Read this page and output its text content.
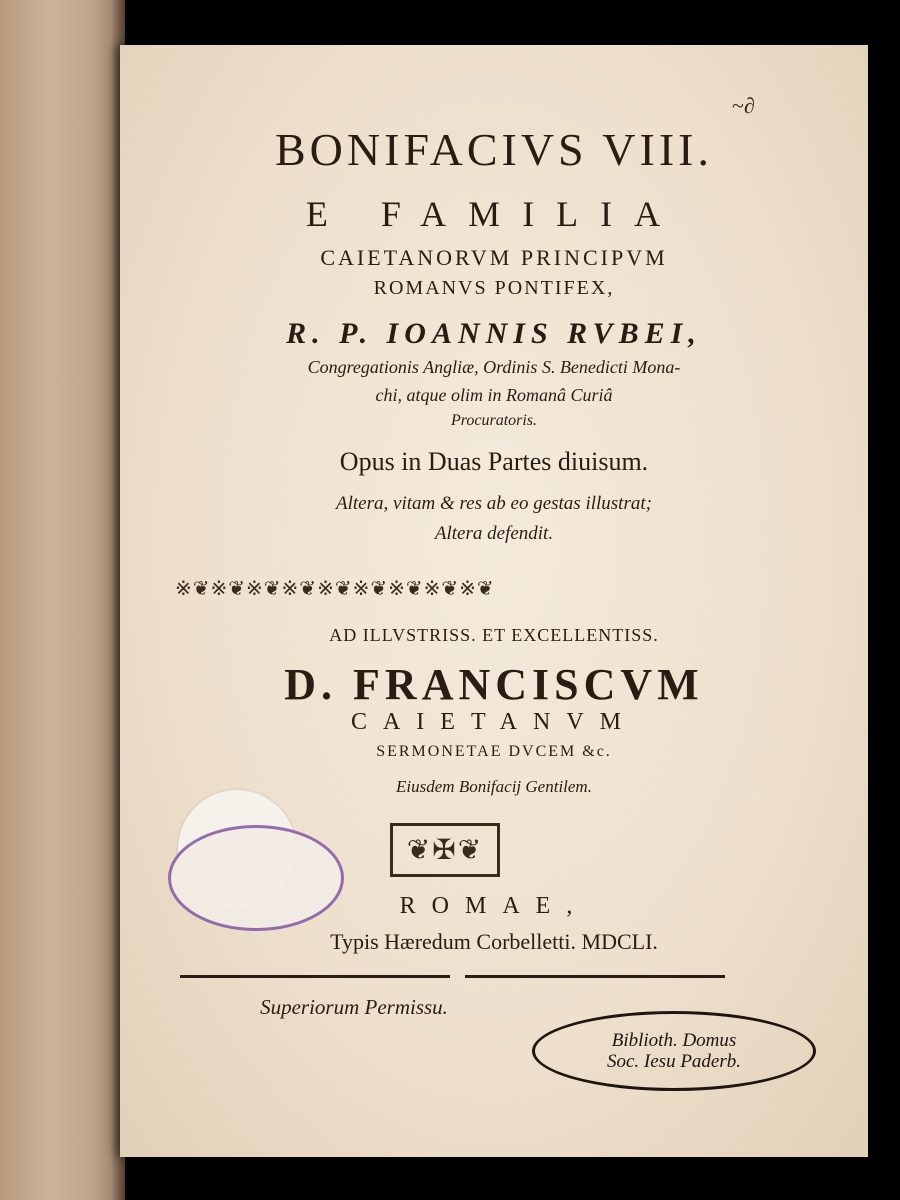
~∂
BONIFACIVS VIII.
E FAMILIA
CAIETANORVM PRINCIPVM
ROMANVS PONTIFEX,
R. P. IOANNIS RVBEI,
Congregationis Angliæ, Ordinis S. Benedicti Mona-
chi, atque olim in Romanâ Curiâ
Procuratoris.
Opus in Duas Partes diuisum.
Altera, vitam & res ab eo gestas illustrat;
Altera defendit.
※❦※❦※❦※❦※❦※❦※❦※❦※❦
AD ILLVSTRISS. ET EXCELLENTISS.
D. FRANCISCVM
CAIETANVM
SERMONETAE DVCEM &c.
Eiusdem Bonifacij Gentilem.
❦✠❦
ROMAE,
Typis Hæredum Corbelletti. MDCLI.
Superiorum Permissu.
Biblioth. Domus
Soc. Iesu Paderb.
